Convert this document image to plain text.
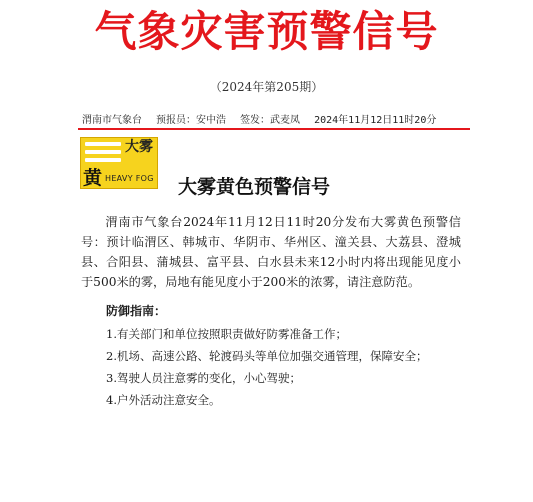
气象灾害预警信号
（2024年第205期）
渭南市气象台 预报员：安中浩 签发：武麦凤 2024年11月12日11时20分
大雾
黄 HEAVY FOG 大雾黄色预警信号

渭南市气象台2024年11月12日11时20分发布大雾黄色预警信号：预计临渭区、韩城市、华阴市、华州区、潼关县、大荔县、澄城县、合阳县、蒲城县、富平县、白水县未来12小时内将出现能见度小于500米的雾，局地有能见度小于200米的浓雾，请注意防范。

防御指南：
1.有关部门和单位按照职责做好防雾准备工作；
2.机场、高速公路、轮渡码头等单位加强交通管理，保障安全；
3.驾驶人员注意雾的变化，小心驾驶；
4.户外活动注意安全。
